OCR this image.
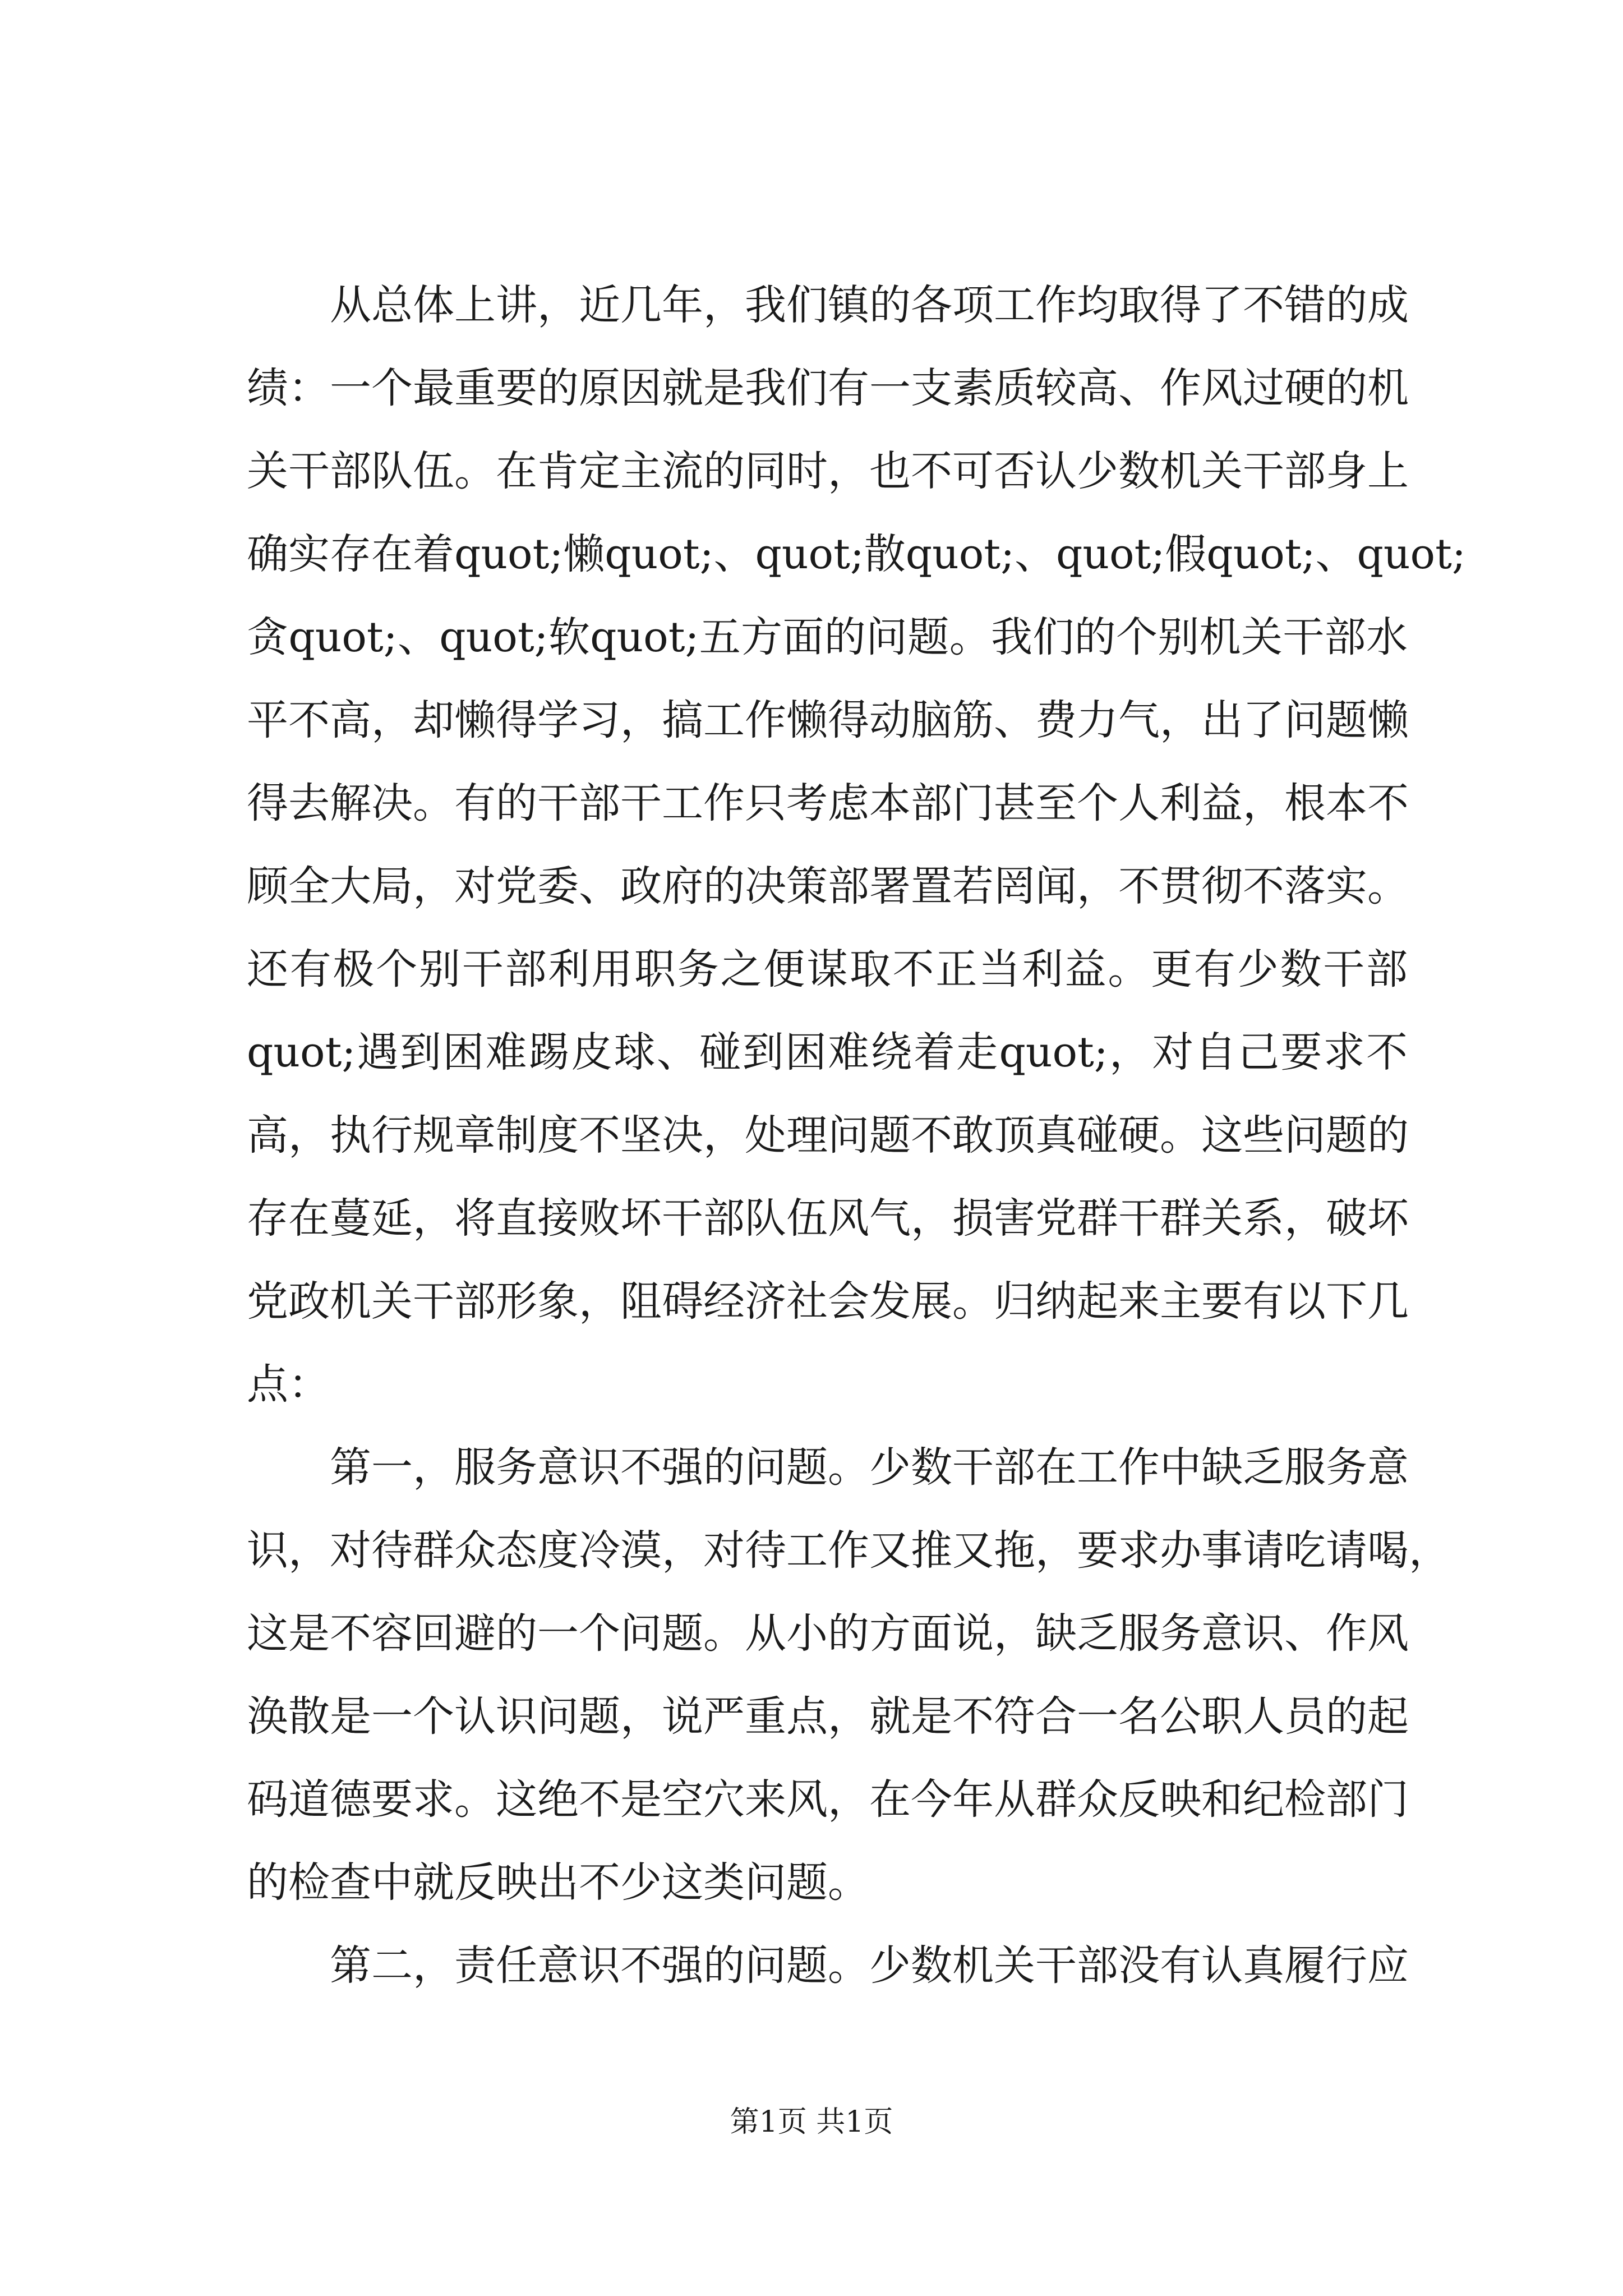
从总体上讲，近几年，我们镇的各项工作均取得了不错的成
绩：一个最重要的原因就是我们有一支素质较高、作风过硬的机
关干部队伍。在肯定主流的同时，也不可否认少数机关干部身上
确实存在着quot;懒quot;、quot;散quot;、quot;假quot;、quot;
贪quot;、quot;软quot;五方面的问题。我们的个别机关干部水
平不高，却懒得学习，搞工作懒得动脑筋、费力气，出了问题懒
得去解决。有的干部干工作只考虑本部门甚至个人利益，根本不
顾全大局，对党委、政府的决策部署置若罔闻，不贯彻不落实。
还有极个别干部利用职务之便谋取不正当利益。更有少数干部
quot;遇到困难踢皮球、碰到困难绕着走quot;，对自己要求不
高，执行规章制度不坚决，处理问题不敢顶真碰硬。这些问题的
存在蔓延，将直接败坏干部队伍风气，损害党群干群关系，破坏
党政机关干部形象，阻碍经济社会发展。归纳起来主要有以下几
点：
第一，服务意识不强的问题。少数干部在工作中缺乏服务意
识，对待群众态度冷漠，对待工作又推又拖，要求办事请吃请喝，
这是不容回避的一个问题。从小的方面说，缺乏服务意识、作风
涣散是一个认识问题，说严重点，就是不符合一名公职人员的起
码道德要求。这绝不是空穴来风，在今年从群众反映和纪检部门
的检查中就反映出不少这类问题。
第二，责任意识不强的问题。少数机关干部没有认真履行应
第1页 共1页
